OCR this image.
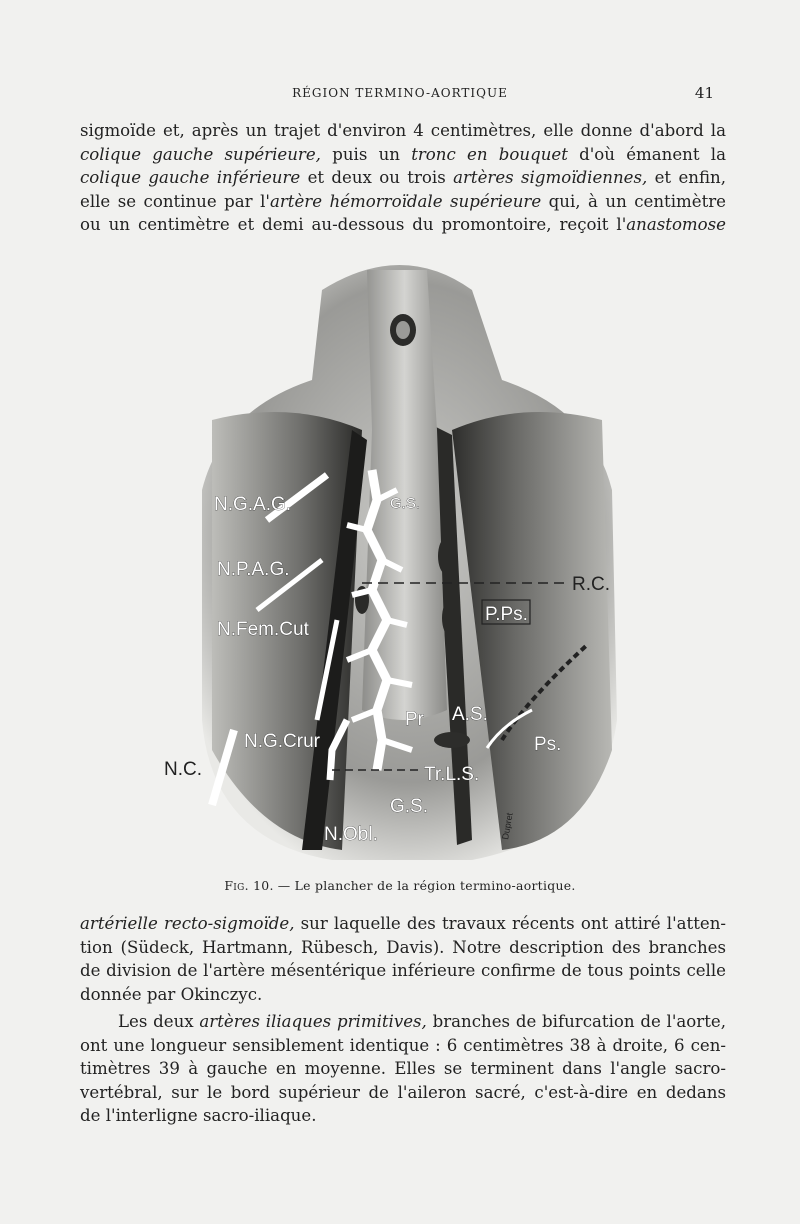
RÉGION TERMINO-AORTIQUE	41
sigmoïde et, après un trajet d'environ 4 centimètres, elle donne d'abord la
colique gauche supérieure, puis un tronc en bouquet d'où émanent la
colique gauche inférieure et deux ou trois artères sigmoïdiennes, et enfin,
elle se continue par l'artère hémorroïdale supérieure qui, à un centimètre
ou un centimètre et demi au-dessous du promontoire, reçoit l'anastomose
N.G.A.G.
N.P.A.G.
N.Fem.Cut
N.G.Crur
N.C.
G.S.
R.C.
P.Ps.
Pr A.S.
Ps.
Tr.L.S.
G.S.
N.Obl.	Dupret
Fig. 10. — Le plancher de la région termino-aortique.
artérielle recto-sigmoïde, sur laquelle des travaux récents ont attiré l'atten-
tion (Südeck, Hartmann, Rübesch, Davis). Notre description des branches
de division de l'artère mésentérique inférieure confirme de tous points celle
donnée par Okinczyc.
Les deux artères iliaques primitives, branches de bifurcation de l'aorte,
ont une longueur sensiblement identique : 6 centimètres 38 à droite, 6 cen-
timètres 39 à gauche en moyenne. Elles se terminent dans l'angle sacro-
vertébral, sur le bord supérieur de l'aileron sacré, c'est-à-dire en dedans
de l'interligne sacro-iliaque.
